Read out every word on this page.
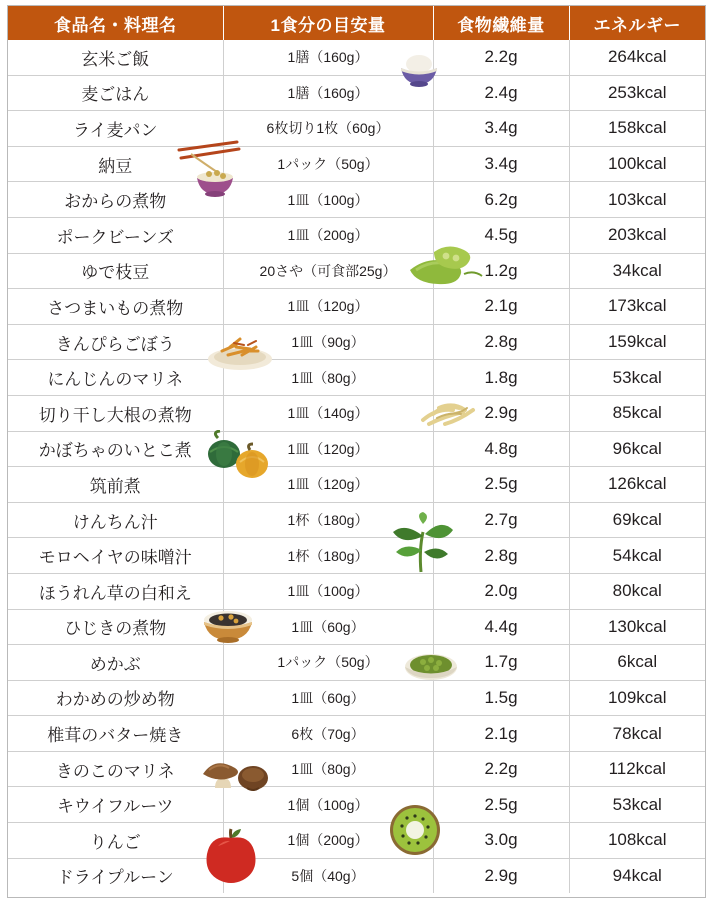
食品名・料理名	1食分の目安量	食物繊維量	エネルギー
玄米ご飯	1膳（160g）	2.2g	264kcal
麦ごはん	1膳（160g）	2.4g	253kcal
ライ麦パン	6枚切り1枚（60g）	3.4g	158kcal
納豆	1パック（50g）	3.4g	100kcal
おからの煮物	1皿（100g）	6.2g	103kcal
ポークビーンズ	1皿（200g）	4.5g	203kcal
ゆで枝豆	20さや（可食部25g）	1.2g	34kcal
さつまいもの煮物	1皿（120g）	2.1g	173kcal
きんぴらごぼう	1皿（90g）	2.8g	159kcal
にんじんのマリネ	1皿（80g）	1.8g	53kcal
切り干し大根の煮物	1皿（140g）	2.9g	85kcal
かぼちゃのいとこ煮	1皿（120g）	4.8g	96kcal
筑前煮	1皿（120g）	2.5g	126kcal
けんちん汁	1杯（180g）	2.7g	69kcal
モロヘイヤの味噌汁	1杯（180g）	2.8g	54kcal
ほうれん草の白和え	1皿（100g）	2.0g	80kcal
ひじきの煮物	1皿（60g）	4.4g	130kcal
めかぶ	1パック（50g）	1.7g	6kcal
わかめの炒め物	1皿（60g）	1.5g	109kcal
椎茸のバター焼き	6枚（70g）	2.1g	78kcal
きのこのマリネ	1皿（80g）	2.2g	112kcal
キウイフルーツ	1個（100g）	2.5g	53kcal
りんご	1個（200g）	3.0g	108kcal
ドライプルーン	5個（40g）	2.9g	94kcal
